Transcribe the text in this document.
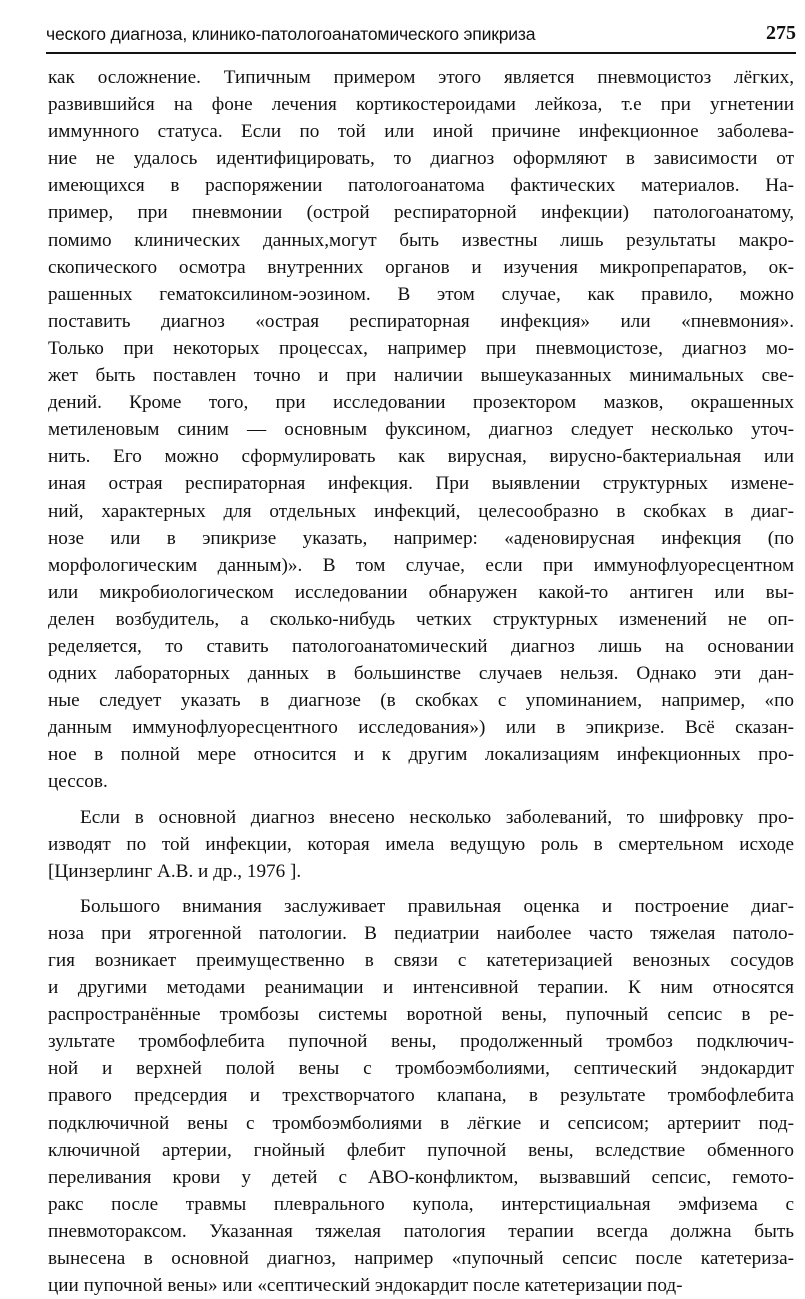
ческого диагноза, клинико-патологоанатомического эпикриза	275
как осложнение. Типичным примером этого является пневмоцистоз лёгких,
развившийся на фоне лечения кортикостероидами лейкоза, т.е при угнетении
иммунного статуса. Если по той или иной причине инфекционное заболева-
ние не удалось идентифицировать, то диагноз оформляют в зависимости от
имеющихся в распоряжении патологоанатома фактических материалов. На-
пример, при пневмонии (острой респираторной инфекции) патологоанатому,
помимо клинических данных,могут быть известны лишь результаты макро-
скопического осмотра внутренних органов и изучения микропрепаратов, ок-
рашенных гематоксилином-эозином. В этом случае, как правило, можно
поставить диагноз «острая респираторная инфекция» или «пневмония».
Только при некоторых процессах, например при пневмоцистозе, диагноз мо-
жет быть поставлен точно и при наличии вышеуказанных минимальных све-
дений. Кроме того, при исследовании прозектором мазков, окрашенных
метиленовым синим — основным фуксином, диагноз следует несколько уточ-
нить. Его можно сформулировать как вирусная, вирусно-бактериальная или
иная острая респираторная инфекция. При выявлении структурных измене-
ний, характерных для отдельных инфекций, целесообразно в скобках в диаг-
нозе или в эпикризе указать, например: «аденовирусная инфекция (по
морфологическим данным)». В том случае, если при иммунофлуоресцентном
или микробиологическом исследовании обнаружен какой-то антиген или вы-
делен возбудитель, а сколько-нибудь четких структурных изменений не оп-
ределяется, то ставить патологоанатомический диагноз лишь на основании
одних лабораторных данных в большинстве случаев нельзя. Однако эти дан-
ные следует указать в диагнозе (в скобках с упоминанием, например, «по
данным иммунофлуоресцентного исследования») или в эпикризе. Всё сказан-
ное в полной мере относится и к другим локализациям инфекционных про-
цессов.
Если в основной диагноз внесено несколько заболеваний, то шифровку про-
изводят по той инфекции, которая имела ведущую роль в смертельном исходе
[Цинзерлинг А.В. и др., 1976 ].
Большого внимания заслуживает правильная оценка и построение диаг-
ноза при ятрогенной патологии. В педиатрии наиболее часто тяжелая патоло-
гия возникает преимущественно в связи с катетеризацией венозных сосудов
и другими методами реанимации и интенсивной терапии. К ним относятся
распространённые тромбозы системы воротной вены, пупочный сепсис в ре-
зультате тромбофлебита пупочной вены, продолженный тромбоз подключич-
ной и верхней полой вены с тромбоэмболиями, септический эндокардит
правого предсердия и трехстворчатого клапана, в результате тромбофлебита
подключичной вены с тромбоэмболиями в лёгкие и сепсисом; артериит под-
ключичной артерии, гнойный флебит пупочной вены, вследствие обменного
переливания крови у детей с АВО-конфликтом, вызвавший сепсис, гемото-
ракс после травмы плеврального купола, интерстициальная эмфизема с
пневмотораксом. Указанная тяжелая патология терапии всегда должна быть
вынесена в основной диагноз, например «пупочный сепсис после катетериза-
ции пупочной вены» или «септический эндокардит после катетеризации под-
